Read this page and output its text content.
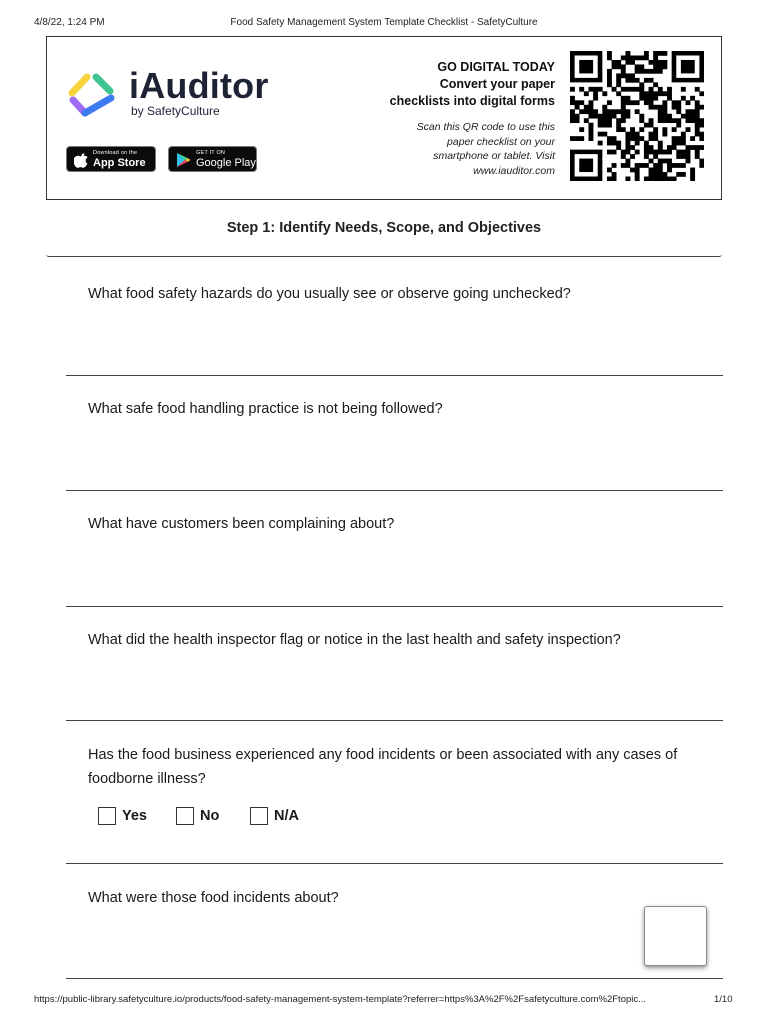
4/8/22, 1:24 PM	Food Safety Management System Template Checklist - SafetyCulture
iAuditor
by SafetyCulture
Download on the
App Store
GET IT ON
Google Play
GO DIGITAL TODAY
Convert your paper
checklists into digital forms
Scan this QR code to use this
paper checklist on your
smartphone or tablet. Visit
www.iauditor.com
Step 1: Identify Needs, Scope, and Objectives
What food safety hazards do you usually see or observe going unchecked?
What safe food handling practice is not being followed?
What have customers been complaining about?
What did the health inspector flag or notice in the last health and safety inspection?
Has the food business experienced any food incidents or been associated with any cases of foodborne illness?
Yes	No	N/A
What were those food incidents about?
https://public-library.safetyculture.io/products/food-safety-management-system-template?referrer=https%3A%2F%2Fsafetyculture.com%2Ftopic...	1/10
